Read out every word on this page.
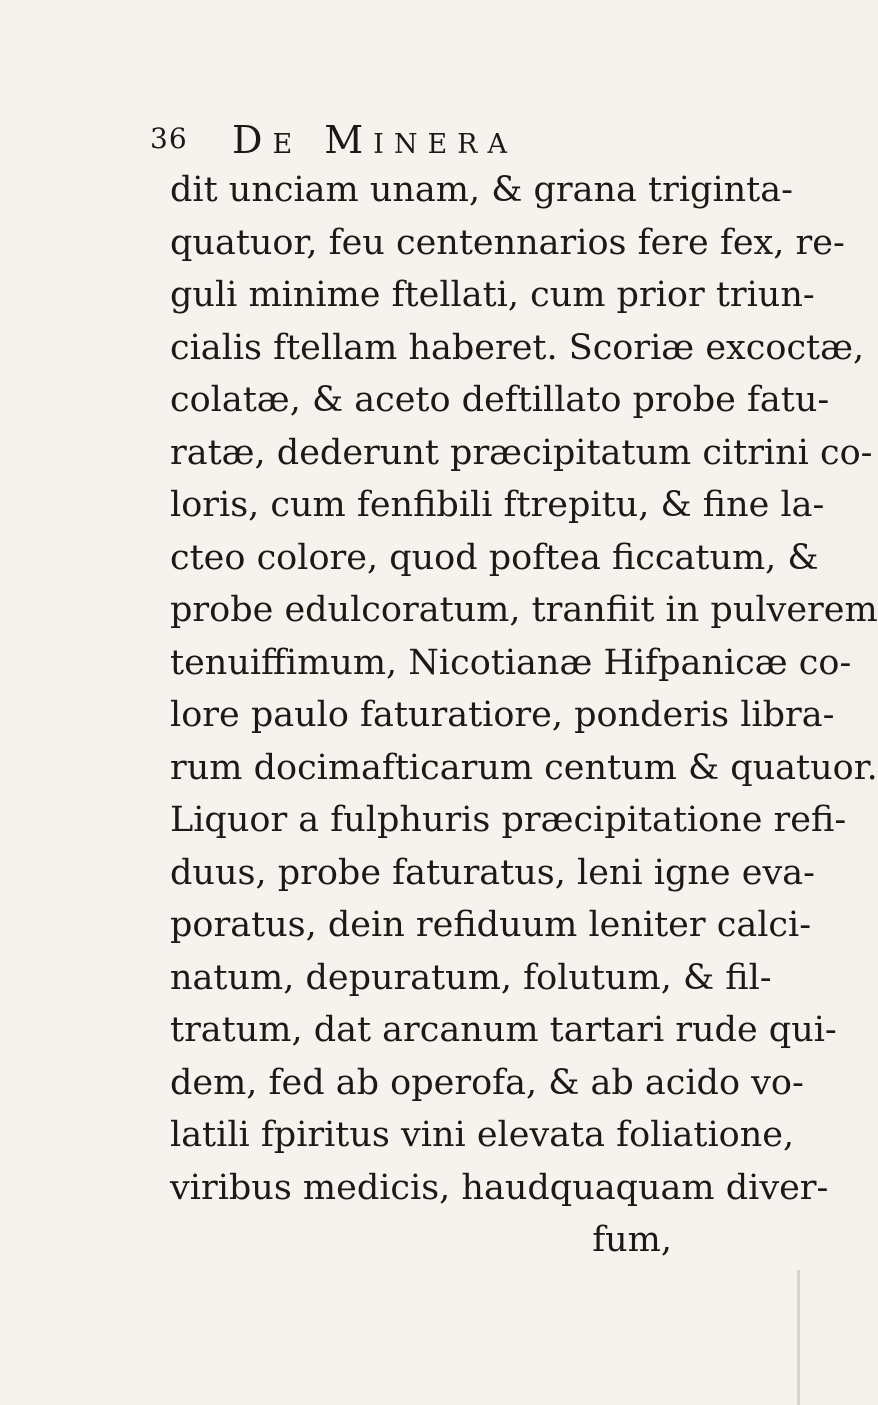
36 De Minera
dit unciam unam, & grana triginta-
quatuor, feu centennarios fere fex, re-
guli minime ftellati, cum prior triun-
cialis ftellam haberet. Scoriæ excoctæ,
colatæ, & aceto deftillato probe fatu-
ratæ, dederunt præcipitatum citrini co-
loris, cum fenfibili ftrepitu, & fine la-
cteo colore, quod poftea ficcatum, &
probe edulcoratum, tranfiit in pulverem
tenuiffimum, Nicotianæ Hifpanicæ co-
lore paulo faturatiore, ponderis libra-
rum docimafticarum centum & quatuor.
Liquor a fulphuris præcipitatione refi-
duus, probe faturatus, leni igne eva-
poratus, dein refiduum leniter calci-
natum, depuratum, folutum, & fil-
tratum, dat arcanum tartari rude qui-
dem, fed ab operofa, & ab acido vo-
latili fpiritus vini elevata foliatione,
viribus medicis, haudquaquam diver-
fum,
